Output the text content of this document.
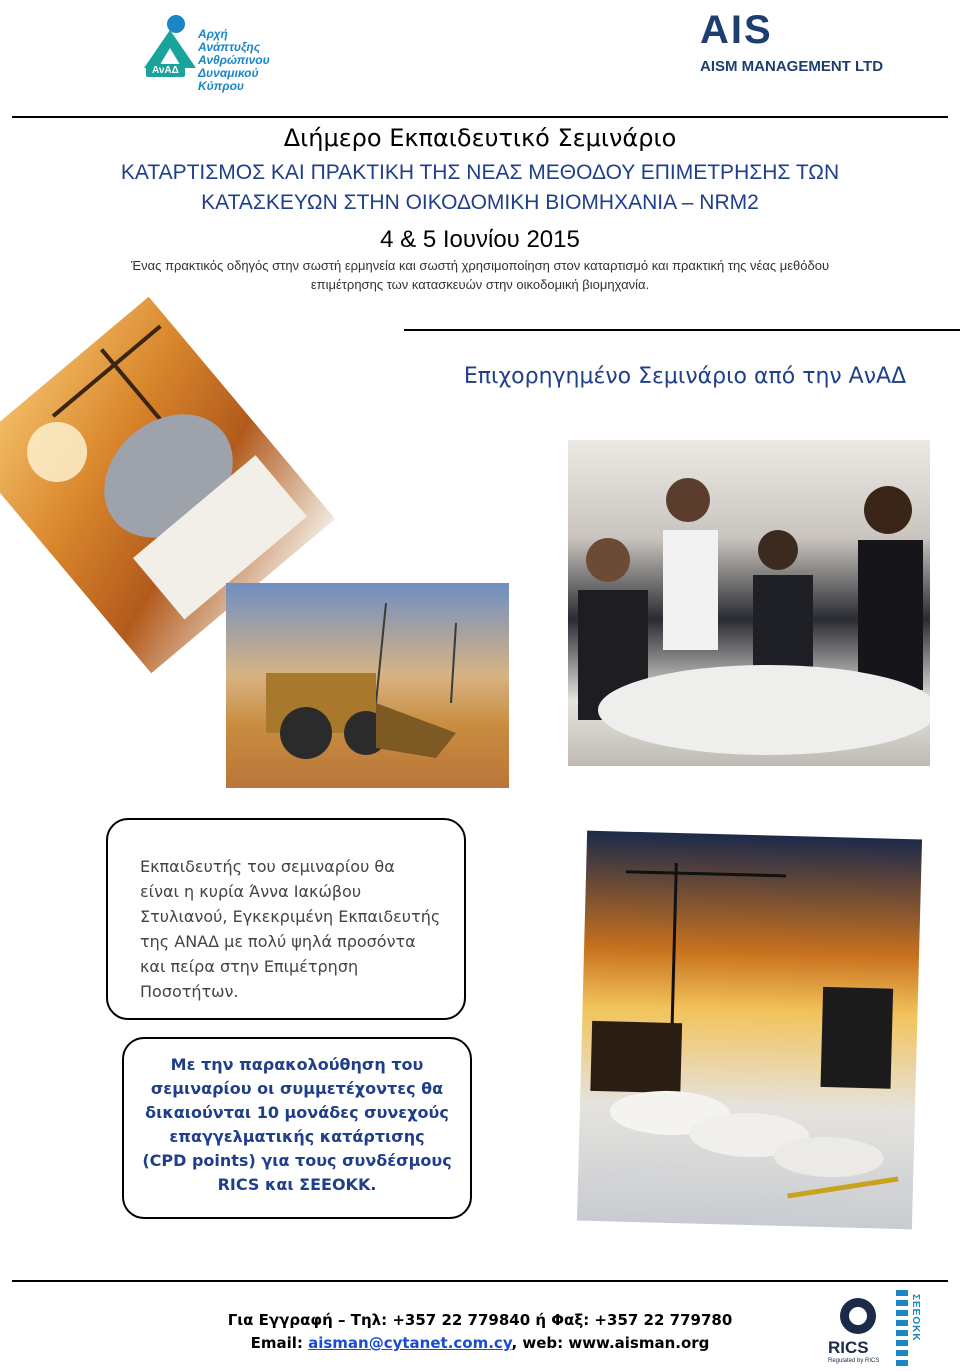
Αρχή Ανάπτυξης
Ανθρώπινου
Δυναμικού
Κύπρου
ΑνΑΔ
AIS
AISM MANAGEMENT LTD
Διήμερο Εκπαιδευτικό Σεμινάριο
ΚΑΤΑΡΤΙΣΜΟΣ ΚΑΙ ΠΡΑΚΤΙΚΗ ΤΗΣ ΝΕΑΣ ΜΕΘΟΔΟΥ ΕΠΙΜΕΤΡΗΣΗΣ ΤΩΝ
ΚΑΤΑΣΚΕΥΩΝ ΣΤΗΝ ΟΙΚΟΔΟΜΙΚΗ ΒΙΟΜΗΧΑΝΙΑ – NRM2
4 & 5 Ιουνίου 2015
Ένας πρακτικός οδηγός στην σωστή ερμηνεία και σωστή χρησιμοποίηση στον καταρτισμό και πρακτική της νέας μεθόδου
επιμέτρησης των κατασκευών στην οικοδομική βιομηχανία.
Επιχορηγημένο Σεμινάριο από την ΑνΑΔ
Εκπαιδευτής του σεμιναρίου θα
είναι η κυρία Άννα Ιακώβου
Στυλιανού, Εγκεκριμένη Εκπαιδευτής
της ΑΝΑΔ με πολύ ψηλά προσόντα
και πείρα στην Επιμέτρηση
Ποσοτήτων.
Με την παρακολούθηση του
σεμιναρίου οι συμμετέχοντες θα
δικαιούνται 10 μονάδες συνεχούς
επαγγελματικής κατάρτισης
(CPD points) για τους συνδέσμους
RICS και ΣΕΕΟΚΚ.
Για Εγγραφή – Τηλ: +357 22 779840 ή Φαξ: +357 22 779780
Email: aisman@cytanet.com.cy, web: www.aisman.org	RICS
Regulated by RICS
ΣΕΕΟΚΚ
